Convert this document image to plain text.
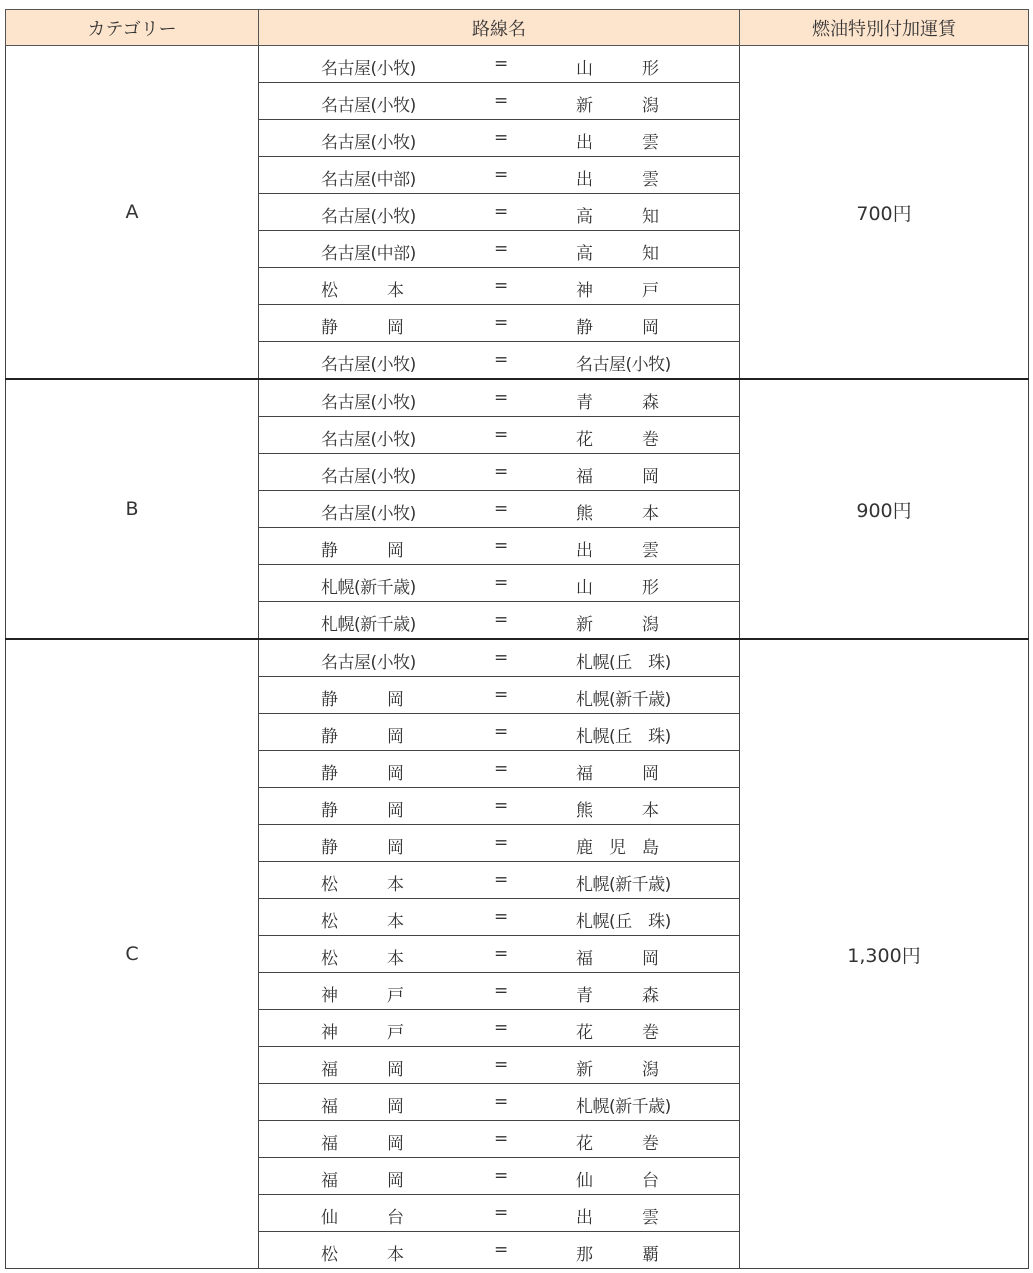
カテゴリー	路線名	燃油特別付加運賃
A	名古屋(小牧) = 山　　　形	700円

	名古屋(小牧) = 新　　　潟	

	名古屋(小牧) = 出　　　雲	

	名古屋(中部) = 出　　　雲	

	名古屋(小牧) = 高　　　知	

	名古屋(中部) = 高　　　知	

	松　　　本 = 神　　　戸	

	静　　　岡 = 静　　　岡	

	名古屋(小牧) = 名古屋(小牧)	

B	名古屋(小牧) = 青　　　森	900円

	名古屋(小牧) = 花　　　巻	

	名古屋(小牧) = 福　　　岡	

	名古屋(小牧) = 熊　　　本	

	静　　　岡 = 出　　　雲	

	札幌(新千歳) = 山　　　形	

	札幌(新千歳) = 新　　　潟	

C	名古屋(小牧) = 札幌(丘　珠)	1,300円

	静　　　岡 = 札幌(新千歳)	

	静　　　岡 = 札幌(丘　珠)	

	静　　　岡 = 福　　　岡	

	静　　　岡 = 熊　　　本	

	静　　　岡 = 鹿　児　島	

	松　　　本 = 札幌(新千歳)	

	松　　　本 = 札幌(丘　珠)	

	松　　　本 = 福　　　岡	

	神　　　戸 = 青　　　森	

	神　　　戸 = 花　　　巻	

	福　　　岡 = 新　　　潟	

	福　　　岡 = 札幌(新千歳)	

	福　　　岡 = 花　　　巻	

	福　　　岡 = 仙　　　台	

	仙　　　台 = 出　　　雲	

	松　　　本 = 那　　　覇	
